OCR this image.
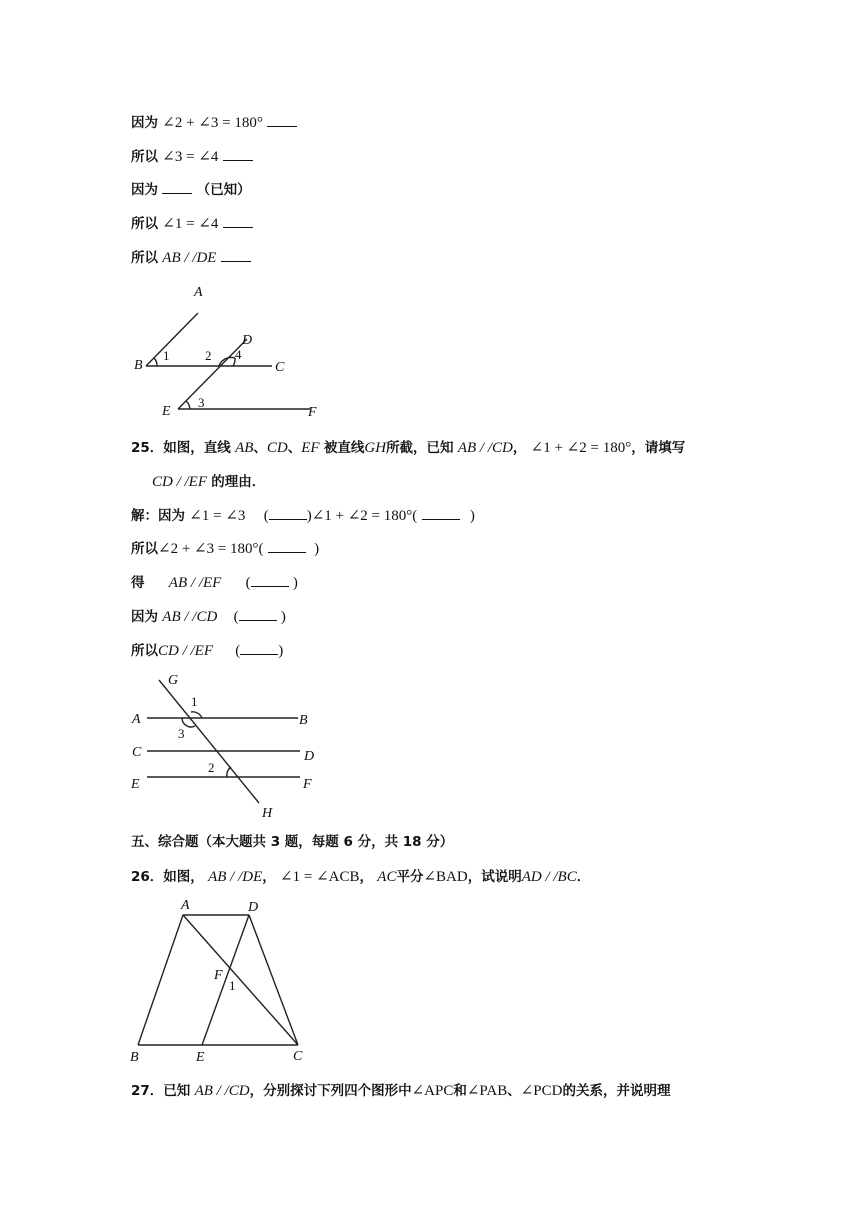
因为 ∠2 + ∠3 = 180°
所以 ∠3 = ∠4
因为	（已知）
所以 ∠1 = ∠4
所以 AB / /DE
A
B
1	2
D
4
C
E
3
F
25．如图，直线 AB、CD、EF 被直线GH所截，已知 AB / /CD， ∠1 + ∠2 = 180°，请填写
CD / /EF 的理由．
解：因为 ∠1 = ∠3 (	)∠1 + ∠2 = 180°(	)
所以∠2 + ∠3 = 180°(	)
得 AB / /EF (	)
因为 AB / /CD (	)
所以CD / /EF (	)
G
1
A	B
3
C	D
2
E	F
H
五、综合题（本大题共 3 题，每题 6 分，共 18 分）
26．如图， AB / /DE， ∠1 = ∠ACB， AC平分∠BAD，试说明AD / /BC．
A	D
F
1
B	E	C
27．已知 AB / /CD，分别探讨下列四个图形中∠APC和∠PAB、∠PCD的关系，并说明理
